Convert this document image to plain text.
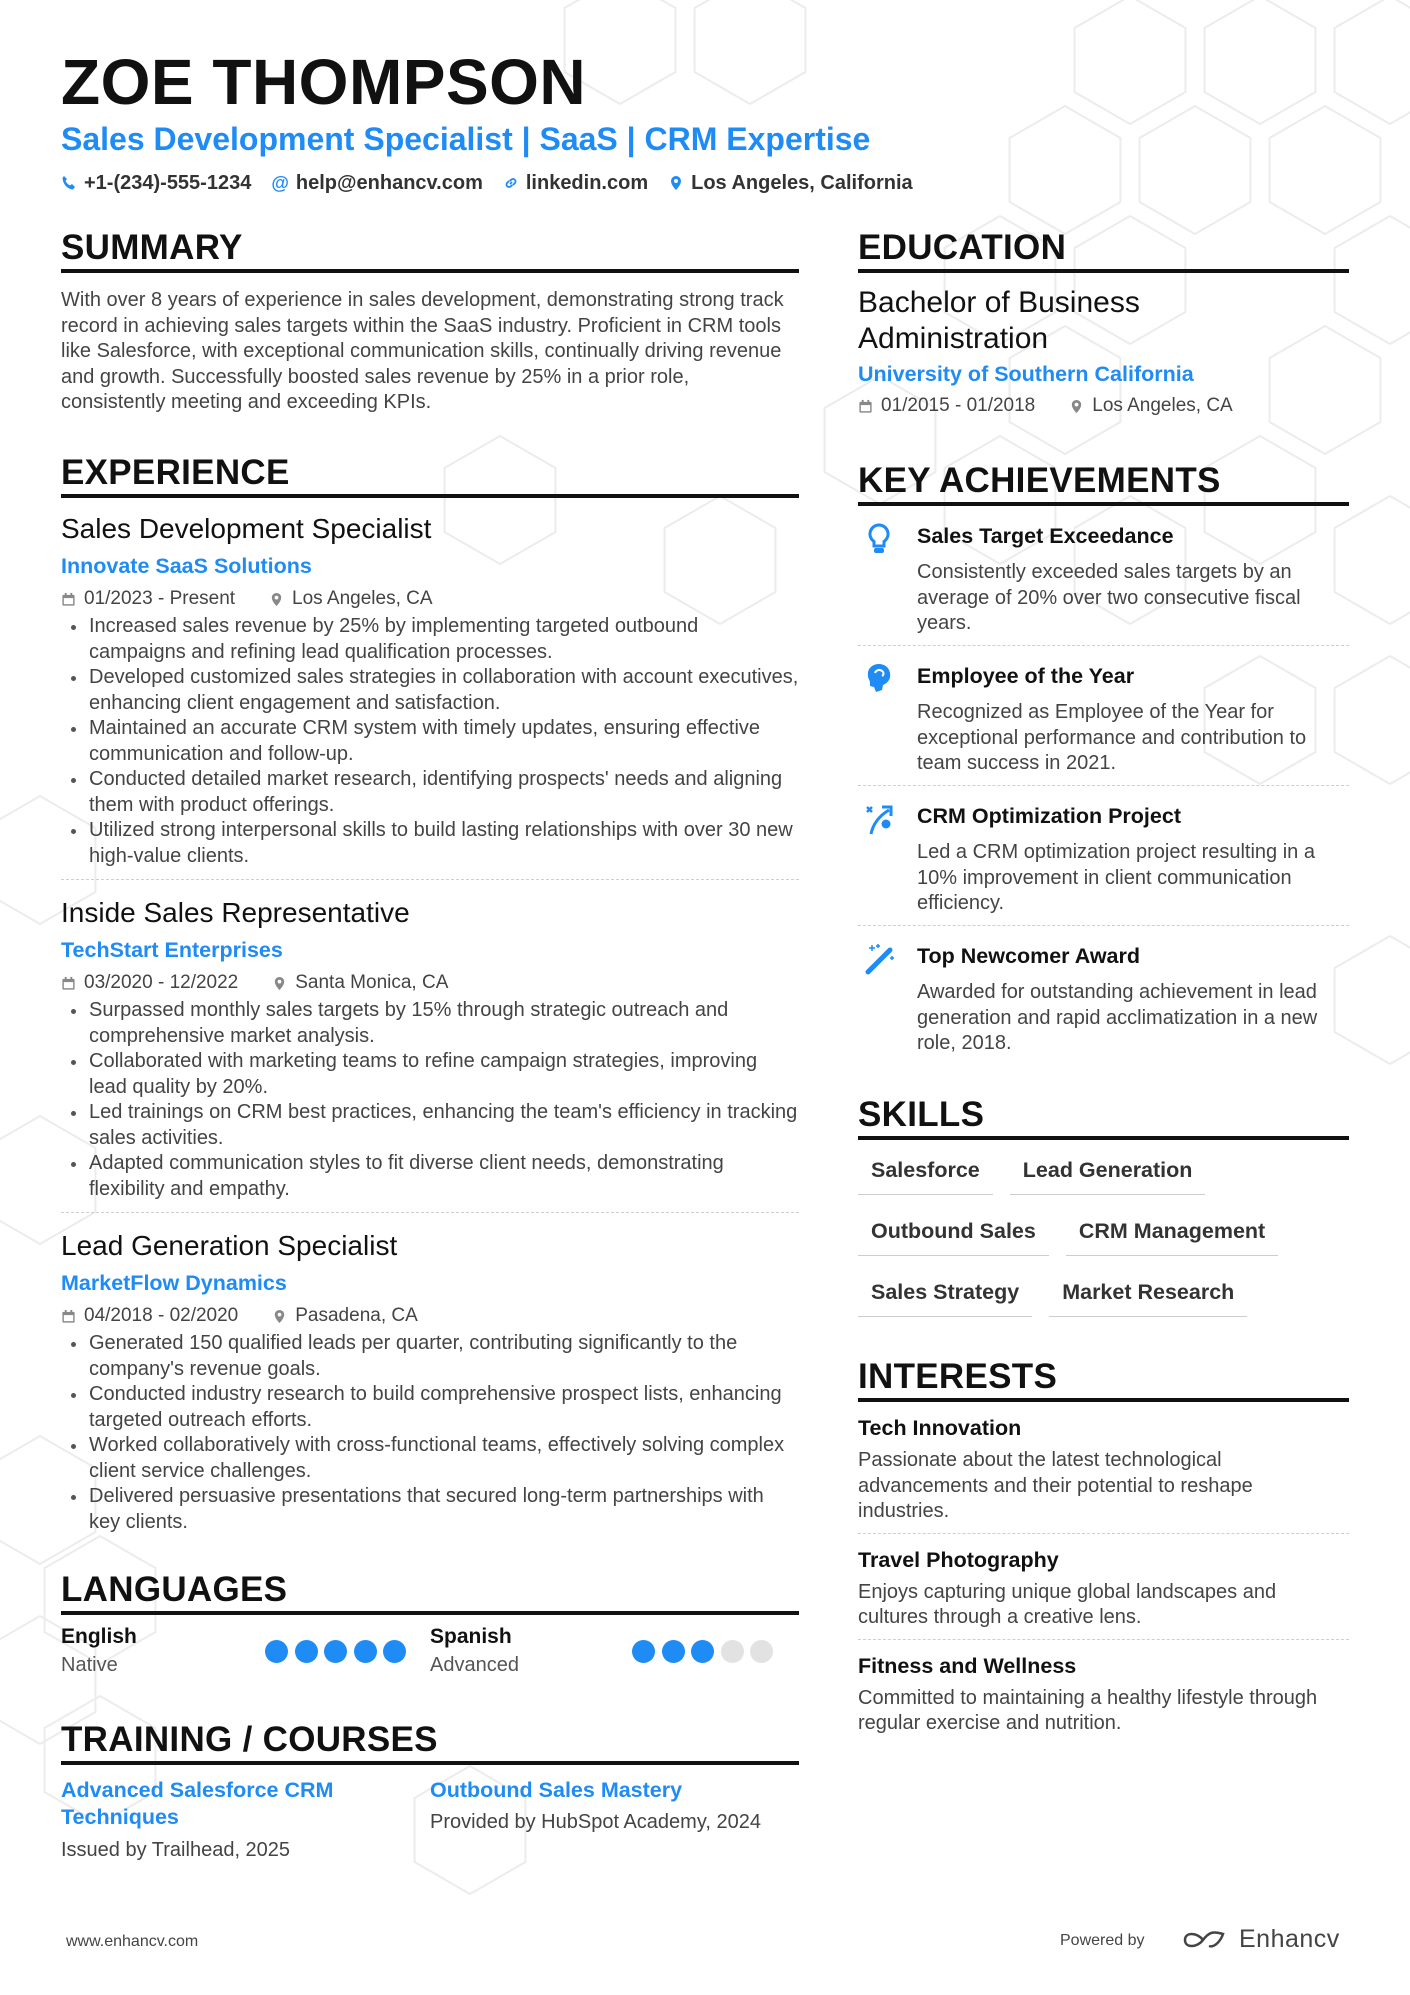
ZOE THOMPSON
Sales Development Specialist | SaaS | CRM Expertise
+1-(234)-555-1234 @ help@enhancv.com linkedin.com Los Angeles, California
SUMMARY

With over 8 years of experience in sales development, demonstrating strong track record in achieving sales targets within the SaaS industry. Proficient in CRM tools like Salesforce, with exceptional communication skills, continually driving revenue and growth. Successfully boosted sales revenue by 25% in a prior role, consistently meeting and exceeding KPIs.

EXPERIENCE
Sales Development Specialist
Innovate SaaS Solutions
01/2023 - Present	Los Angeles, CA
Increased sales revenue by 25% by implementing targeted outbound campaigns and refining lead qualification processes.
Developed customized sales strategies in collaboration with account executives, enhancing client engagement and satisfaction.
Maintained an accurate CRM system with timely updates, ensuring effective communication and follow-up.
Conducted detailed market research, identifying prospects' needs and aligning them with product offerings.
Utilized strong interpersonal skills to build lasting relationships with over 30 new high-value clients.
Inside Sales Representative
TechStart Enterprises
03/2020 - 12/2022	Santa Monica, CA
Surpassed monthly sales targets by 15% through strategic outreach and comprehensive market analysis.
Collaborated with marketing teams to refine campaign strategies, improving lead quality by 20%.
Led trainings on CRM best practices, enhancing the team's efficiency in tracking sales activities.
Adapted communication styles to fit diverse client needs, demonstrating flexibility and empathy.
Lead Generation Specialist
MarketFlow Dynamics
04/2018 - 02/2020	Pasadena, CA
Generated 150 qualified leads per quarter, contributing significantly to the company's revenue goals.
Conducted industry research to build comprehensive prospect lists, enhancing targeted outreach efforts.
Worked collaboratively with cross-functional teams, effectively solving complex client service challenges.
Delivered persuasive presentations that secured long-term partnerships with key clients.
LANGUAGES
English
Native
Spanish
Advanced
TRAINING / COURSES
Advanced Salesforce CRM Techniques
Issued by Trailhead, 2025
Outbound Sales Mastery
Provided by HubSpot Academy, 2024
EDUCATION
Bachelor of Business Administration
University of Southern California
01/2015 - 01/2018	Los Angeles, CA
KEY ACHIEVEMENTS
Sales Target Exceedance
Consistently exceeded sales targets by an average of 20% over two consecutive fiscal years.
Employee of the Year
Recognized as Employee of the Year for exceptional performance and contribution to team success in 2021.
CRM Optimization Project
Led a CRM optimization project resulting in a 10% improvement in client communication efficiency.
Top Newcomer Award
Awarded for outstanding achievement in lead generation and rapid acclimatization in a new role, 2018.
SKILLS
Salesforce	Lead Generation
Outbound Sales	CRM Management
Sales Strategy	Market Research
INTERESTS
Tech Innovation
Passionate about the latest technological advancements and their potential to reshape industries.
Travel Photography
Enjoys capturing unique global landscapes and cultures through a creative lens.
Fitness and Wellness
Committed to maintaining a healthy lifestyle through regular exercise and nutrition.
www.enhancv.com	Powered by	Enhancv
